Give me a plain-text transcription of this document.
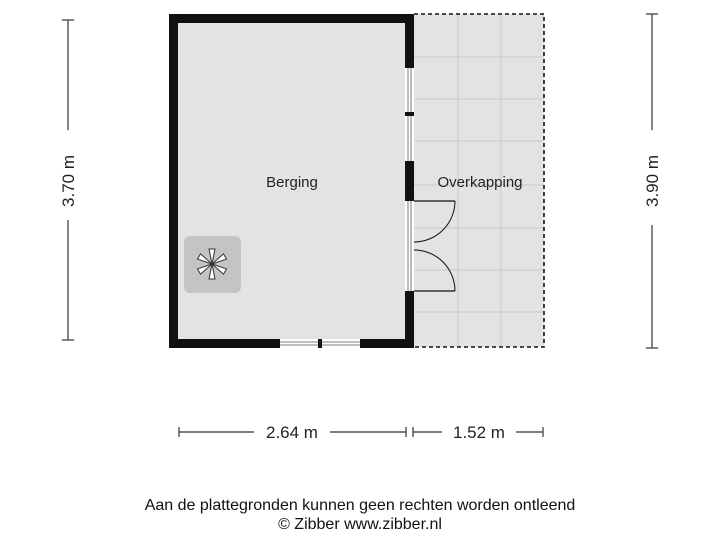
Berging	Overkapping
3.70 m	3.90 m
2.64 m	1.52 m
Aan de plattegronden kunnen geen rechten worden ontleend
© Zibber www.zibber.nl
